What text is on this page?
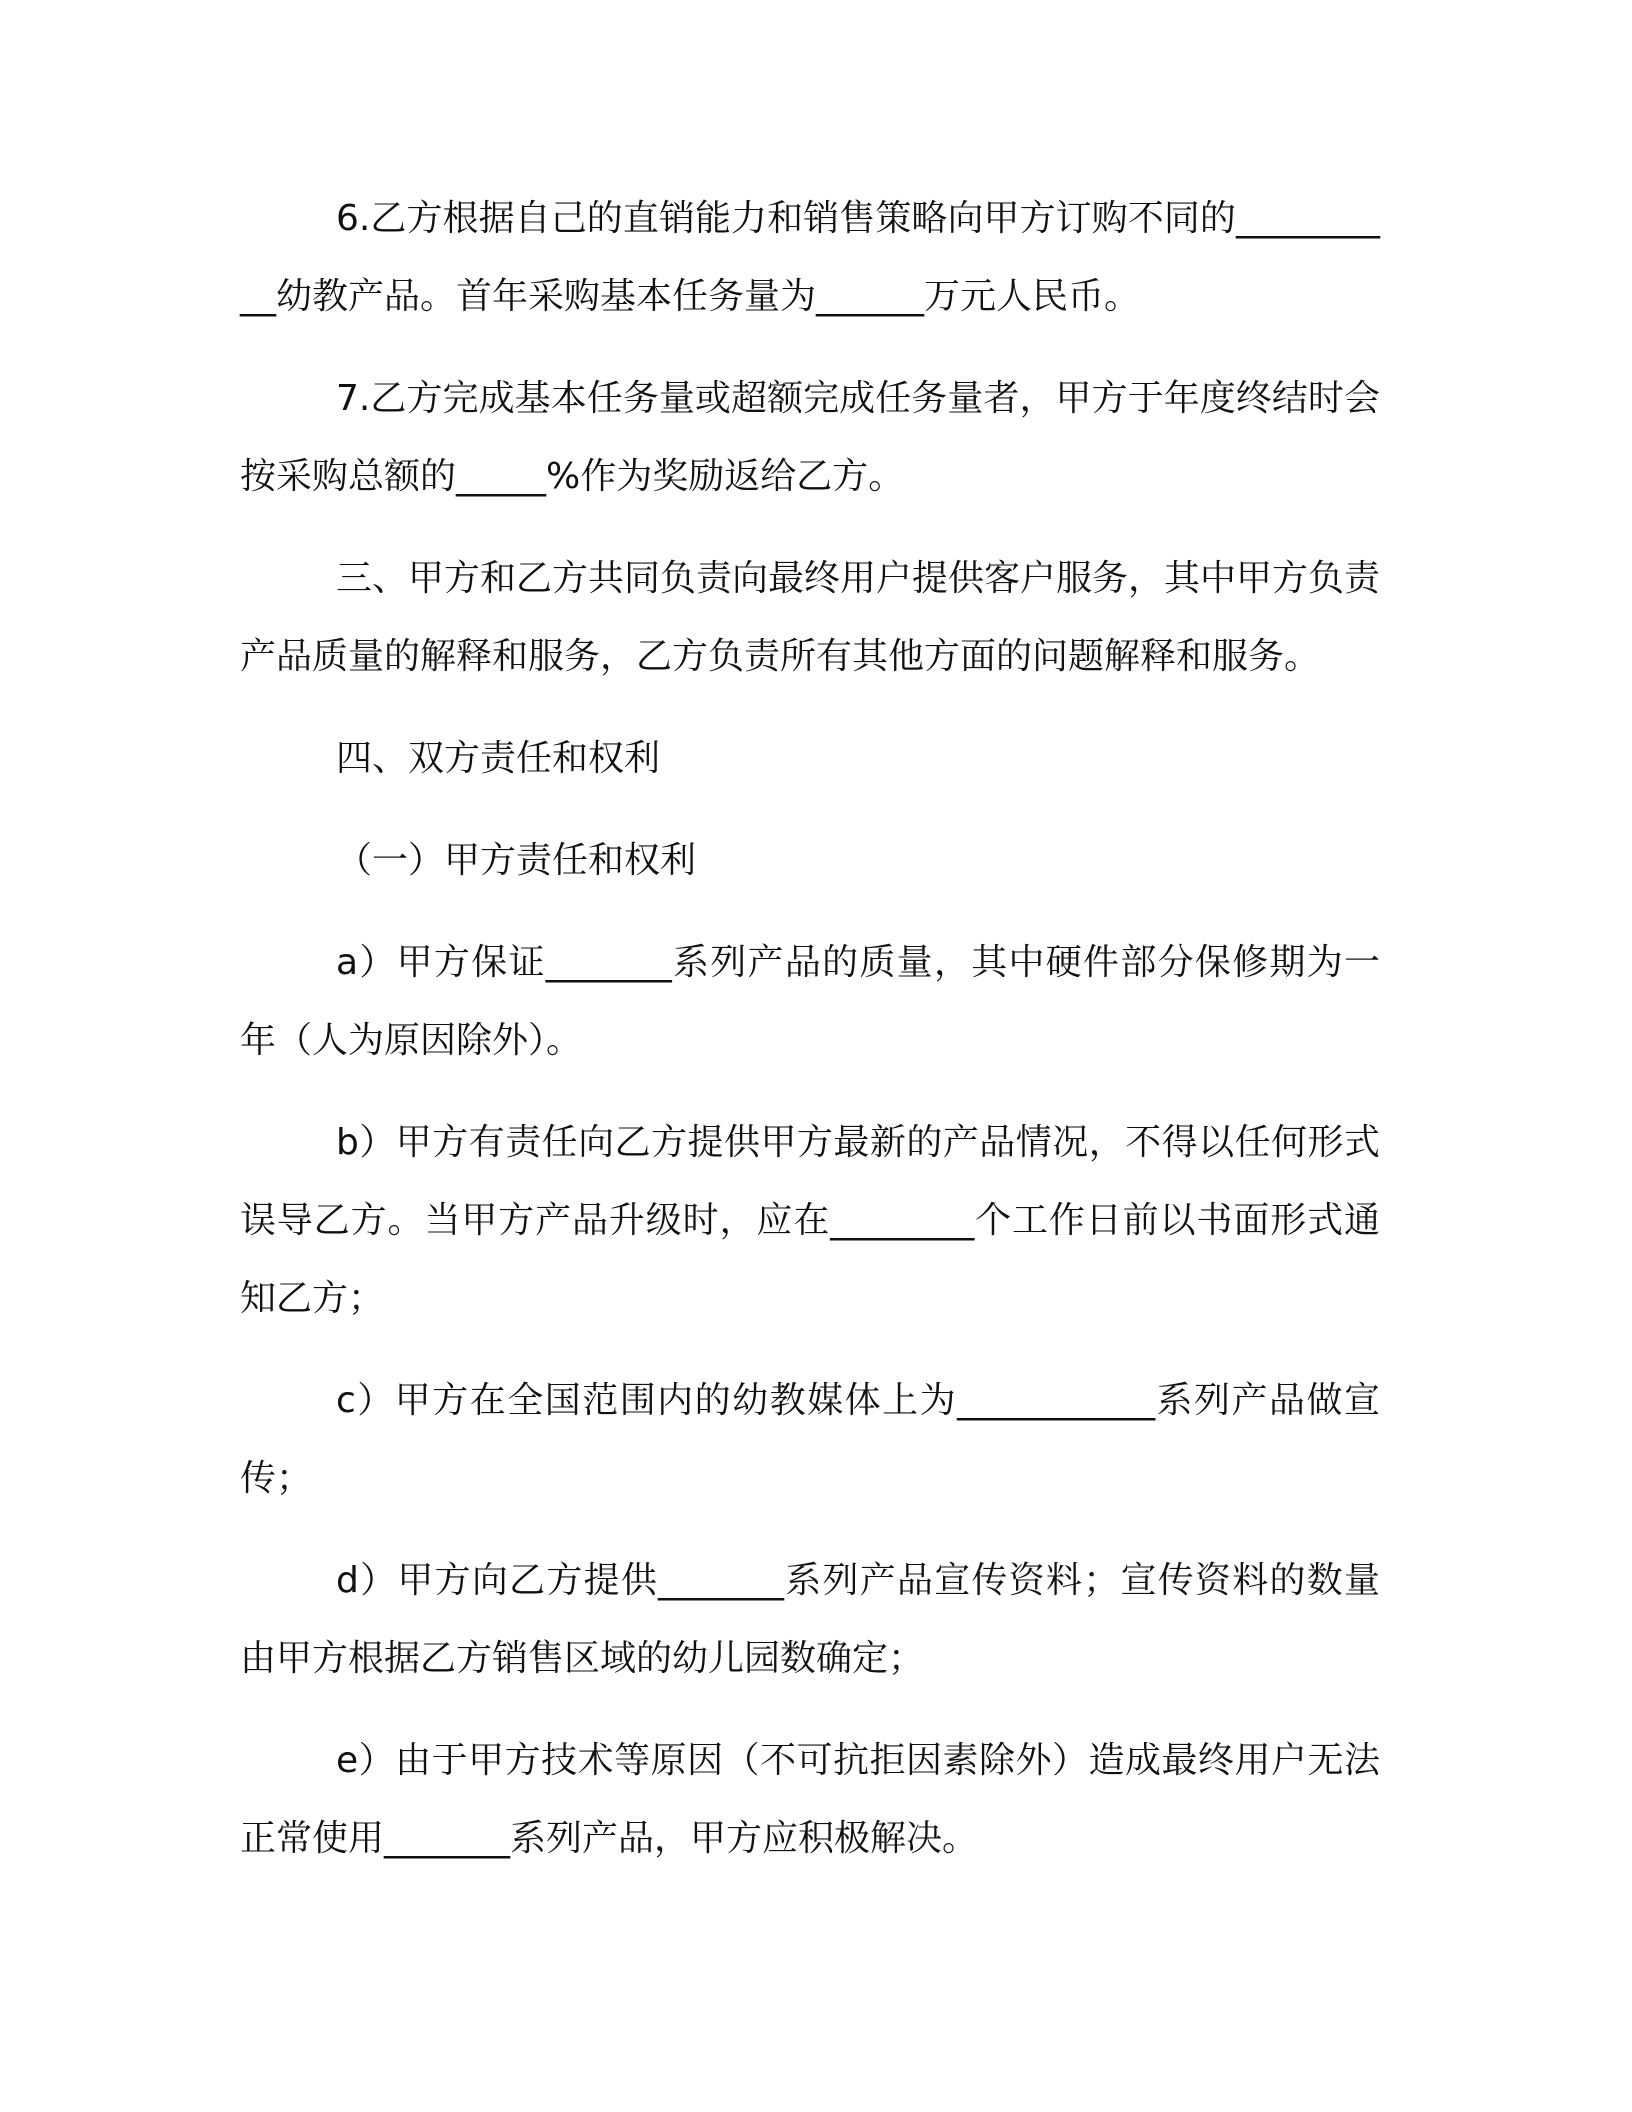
6.乙方根据自己的直销能力和销售策略向甲方订购不同的__________幼教产品。首年采购基本任务量为______万元人民币。

7.乙方完成基本任务量或超额完成任务量者，甲方于年度终结时会按采购总额的_____%作为奖励返给乙方。

三、甲方和乙方共同负责向最终用户提供客户服务，其中甲方负责产品质量的解释和服务，乙方负责所有其他方面的问题解释和服务。

四、双方责任和权利

（一）甲方责任和权利

a）甲方保证_______系列产品的质量，其中硬件部分保修期为一年（人为原因除外）。

b）甲方有责任向乙方提供甲方最新的产品情况，不得以任何形式误导乙方。当甲方产品升级时，应在________个工作日前以书面形式通知乙方；

c）甲方在全国范围内的幼教媒体上为___________系列产品做宣传；

d）甲方向乙方提供_______系列产品宣传资料；宣传资料的数量由甲方根据乙方销售区域的幼儿园数确定；

e）由于甲方技术等原因（不可抗拒因素除外）造成最终用户无法正常使用_______系列产品，甲方应积极解决。
